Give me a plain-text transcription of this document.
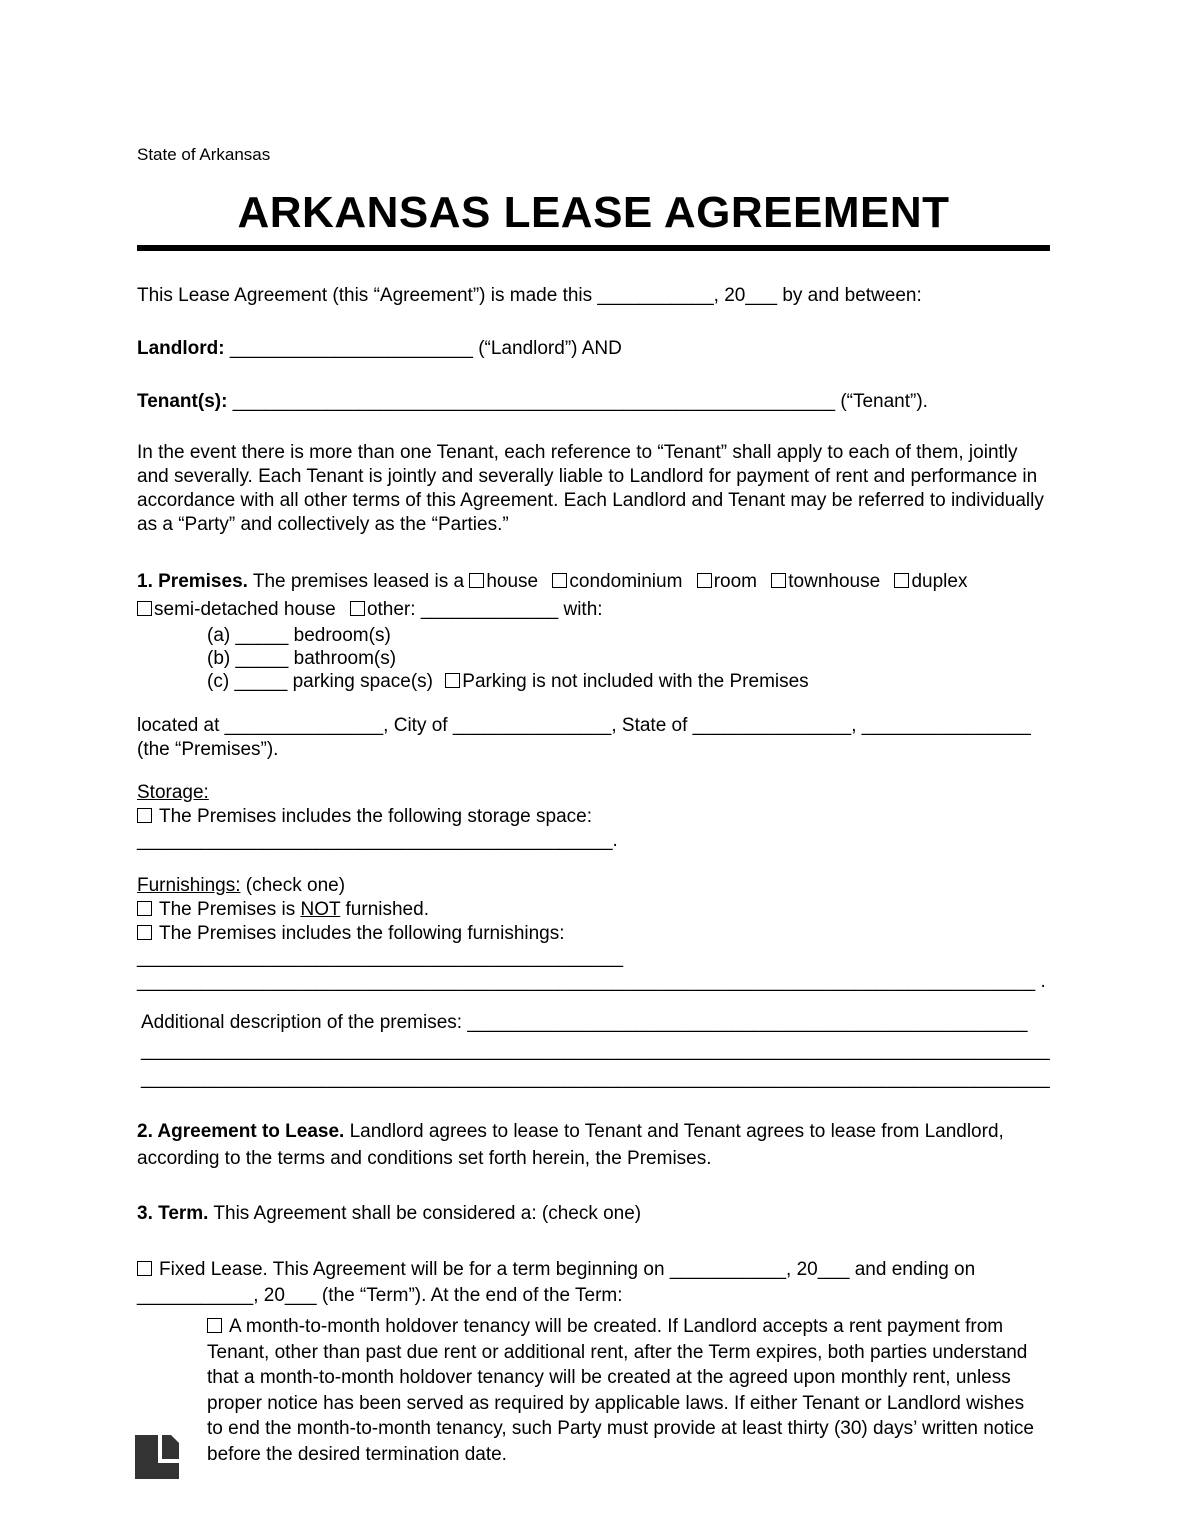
State of Arkansas

ARKANSAS LEASE AGREEMENT

This Lease Agreement (this “Agreement”) is made this ___________, 20___ by and between:

Landlord: _______________________ (“Landlord”) AND

Tenant(s): _________________________________________________________ (“Tenant”).

In the event there is more than one Tenant, each reference to “Tenant” shall apply to each of them, jointly and severally. Each Tenant is jointly and severally liable to Landlord for payment of rent and performance in accordance with all other terms of this Agreement. Each Landlord and Tenant may be referred to individually as a “Party” and collectively as the “Parties.”

1. Premises. The premises leased is a house condominium room townhouse duplex
semi-detached house other: _____________ with:

(a) _____ bedroom(s)

(b) _____ bathroom(s)

(c) _____ parking space(s) Parking is not included with the Premises

located at _______________, City of _______________, State of _______________, ________________
(the “Premises”).

Storage:

The Premises includes the following storage space: _____________________________________________.

Furnishings: (check one)

The Premises is NOT furnished.

The Premises includes the following furnishings: ______________________________________________
_____________________________________________________________________________________ .

Additional description of the premises: _____________________________________________________
______________________________________________________________________________________
______________________________________________________________________________________

2. Agreement to Lease. Landlord agrees to lease to Tenant and Tenant agrees to lease from Landlord, according to the terms and conditions set forth herein, the Premises.

3. Term. This Agreement shall be considered a: (check one)

Fixed Lease. This Agreement will be for a term beginning on ___________, 20___ and ending on ___________, 20___ (the “Term”). At the end of the Term:

A month-to-month holdover tenancy will be created. If Landlord accepts a rent payment from Tenant, other than past due rent or additional rent, after the Term expires, both parties understand that a month-to-month holdover tenancy will be created at the agreed upon monthly rent, unless proper notice has been served as required by applicable laws. If either Tenant or Landlord wishes to end the month-to-month tenancy, such Party must provide at least thirty (30) days’ written notice before the desired termination date.
